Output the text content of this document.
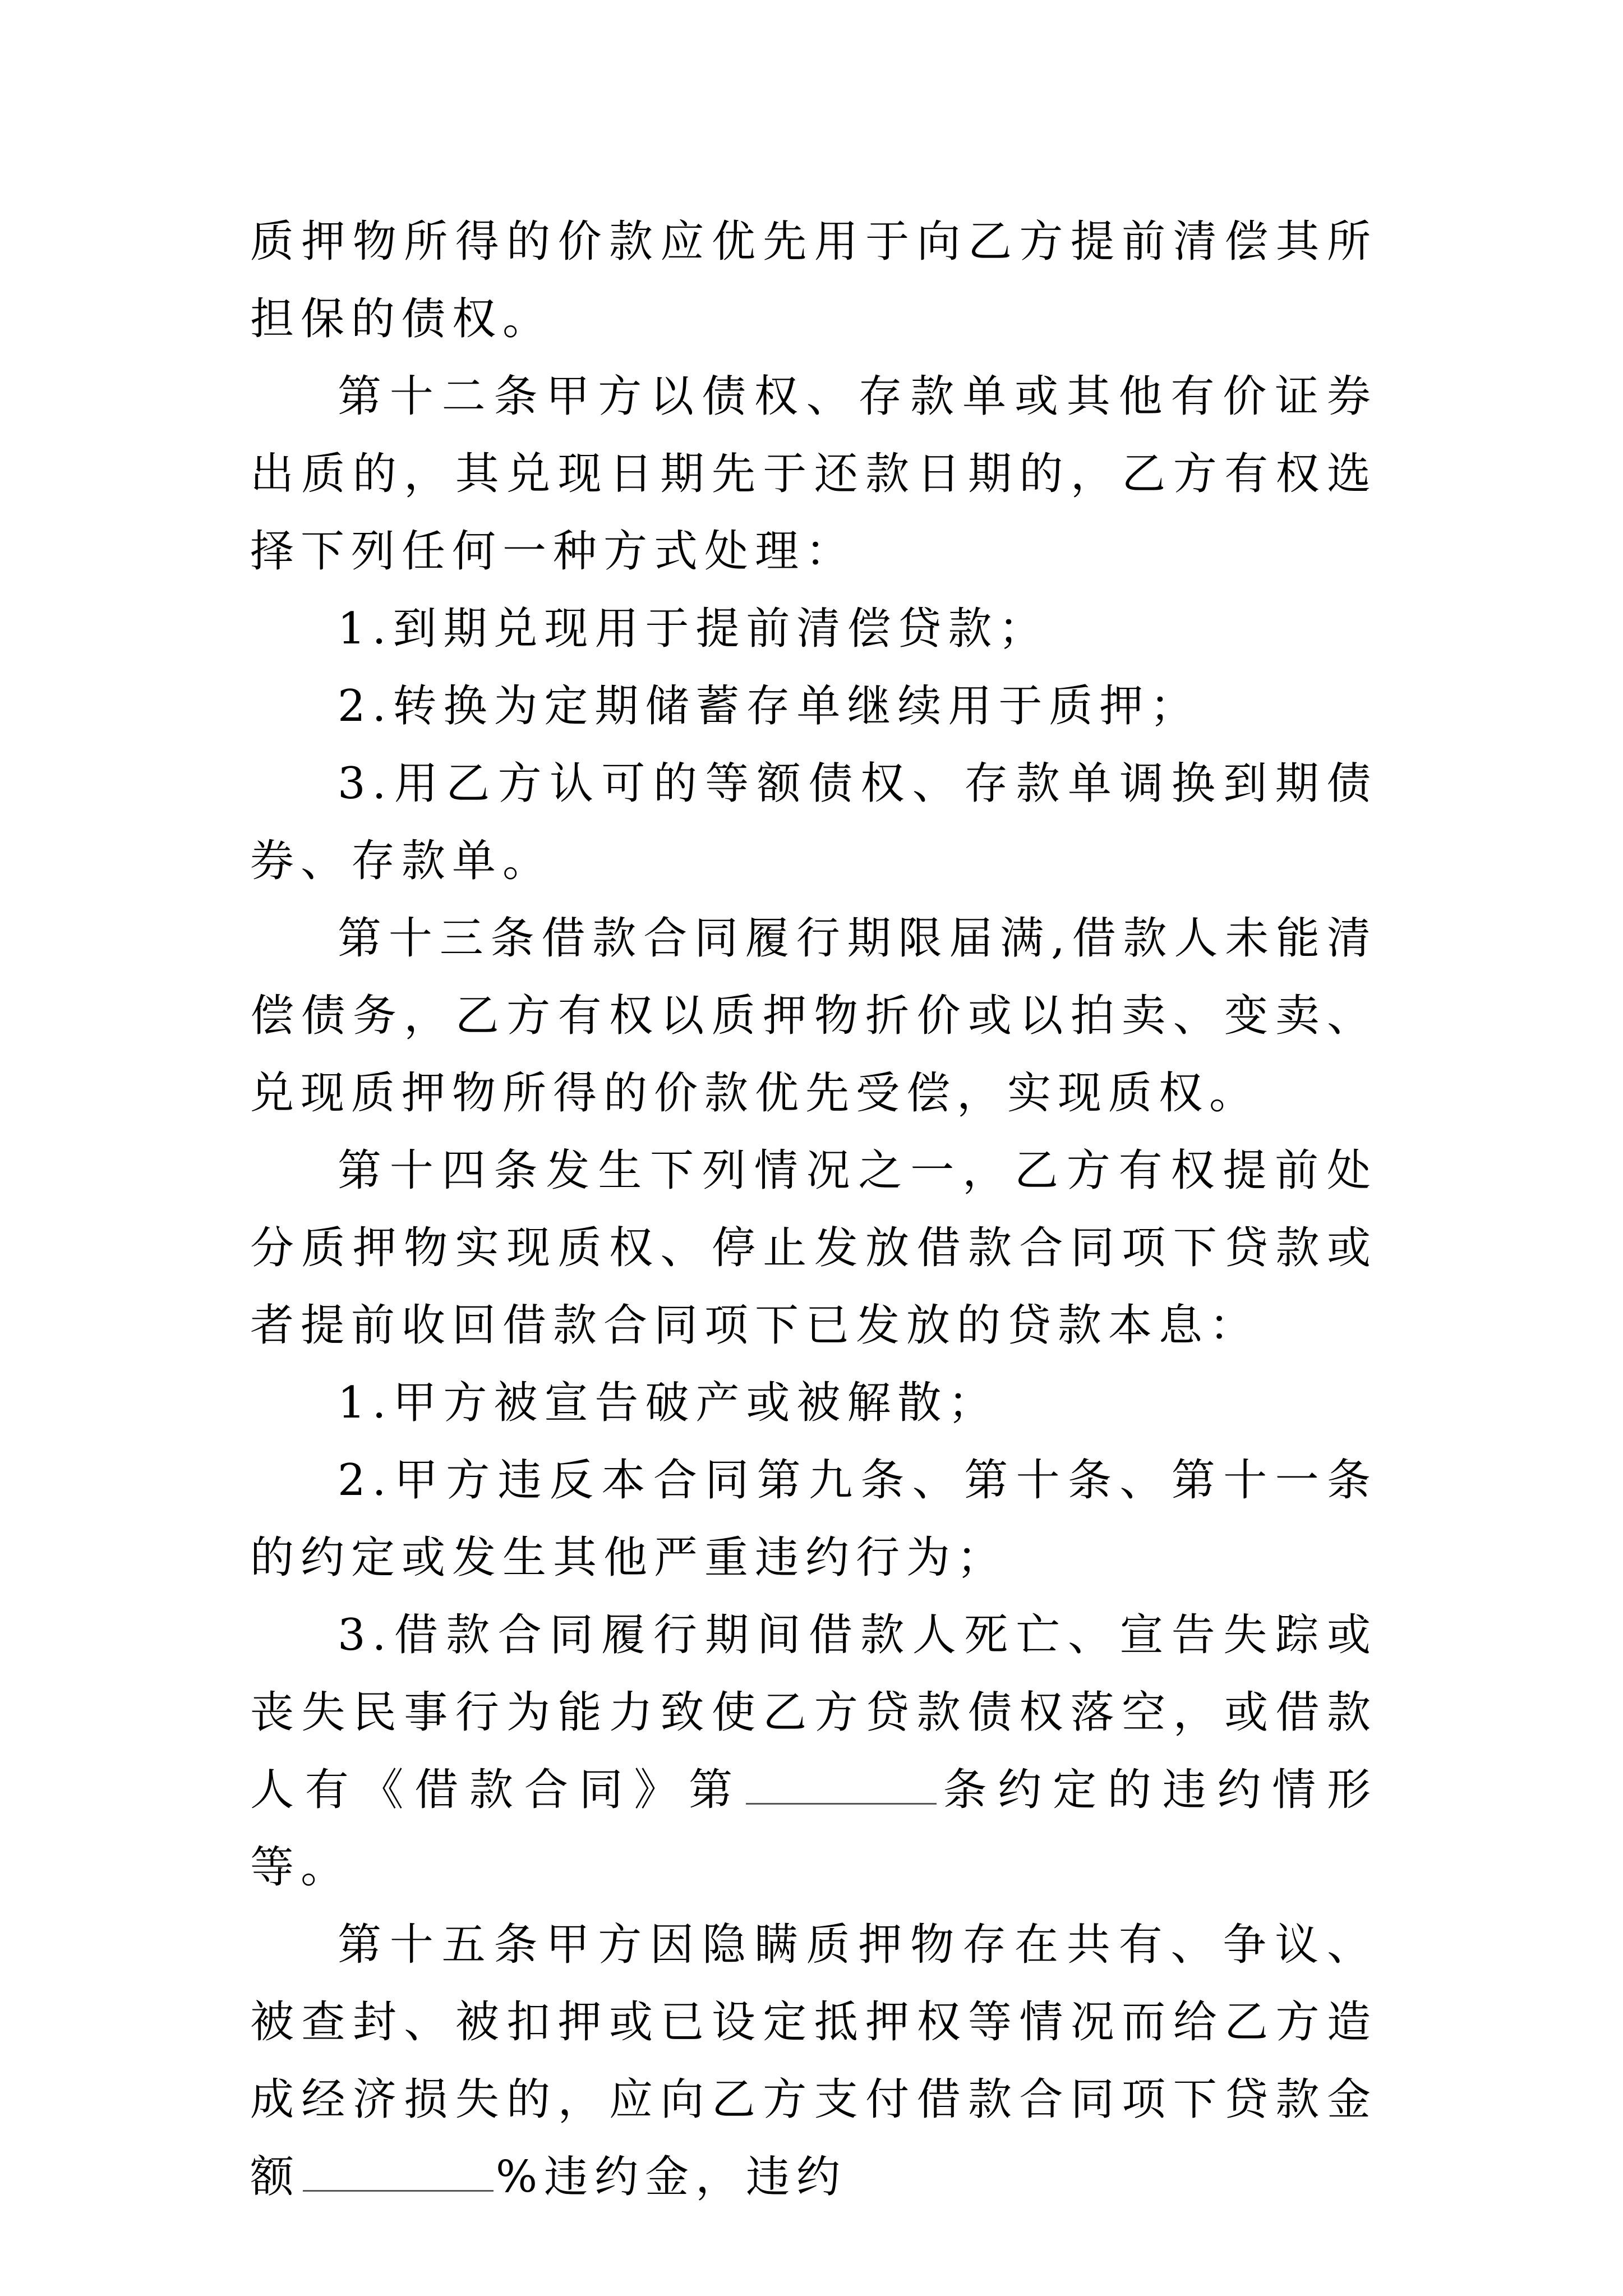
质押物所得的价款应优先用于向乙方提前清偿其所担保的债权。

第十二条甲方以债权、存款单或其他有价证券出质的，其兑现日期先于还款日期的，乙方有权选择下列任何一种方式处理：

1.到期兑现用于提前清偿贷款；

2.转换为定期储蓄存单继续用于质押；

3.用乙方认可的等额债权、存款单调换到期债券、存款单。

第十三条借款合同履行期限届满,借款人未能清偿债务，乙方有权以质押物折价或以拍卖、变卖、兑现质押物所得的价款优先受偿，实现质权。

第十四条发生下列情况之一，乙方有权提前处分质押物实现质权、停止发放借款合同项下贷款或者提前收回借款合同项下已发放的贷款本息：

1.甲方被宣告破产或被解散；

2.甲方违反本合同第九条、第十条、第十一条的约定或发生其他严重违约行为；

3.借款合同履行期间借款人死亡、宣告失踪或丧失民事行为能力致使乙方贷款债权落空，或借款人有《借款合同》第	条约定的违约情形等。

第十五条甲方因隐瞒质押物存在共有、争议、被查封、被扣押或已设定抵押权等情况而给乙方造成经济损失的，应向乙方支付借款合同项下贷款金额	%违约金，违约
